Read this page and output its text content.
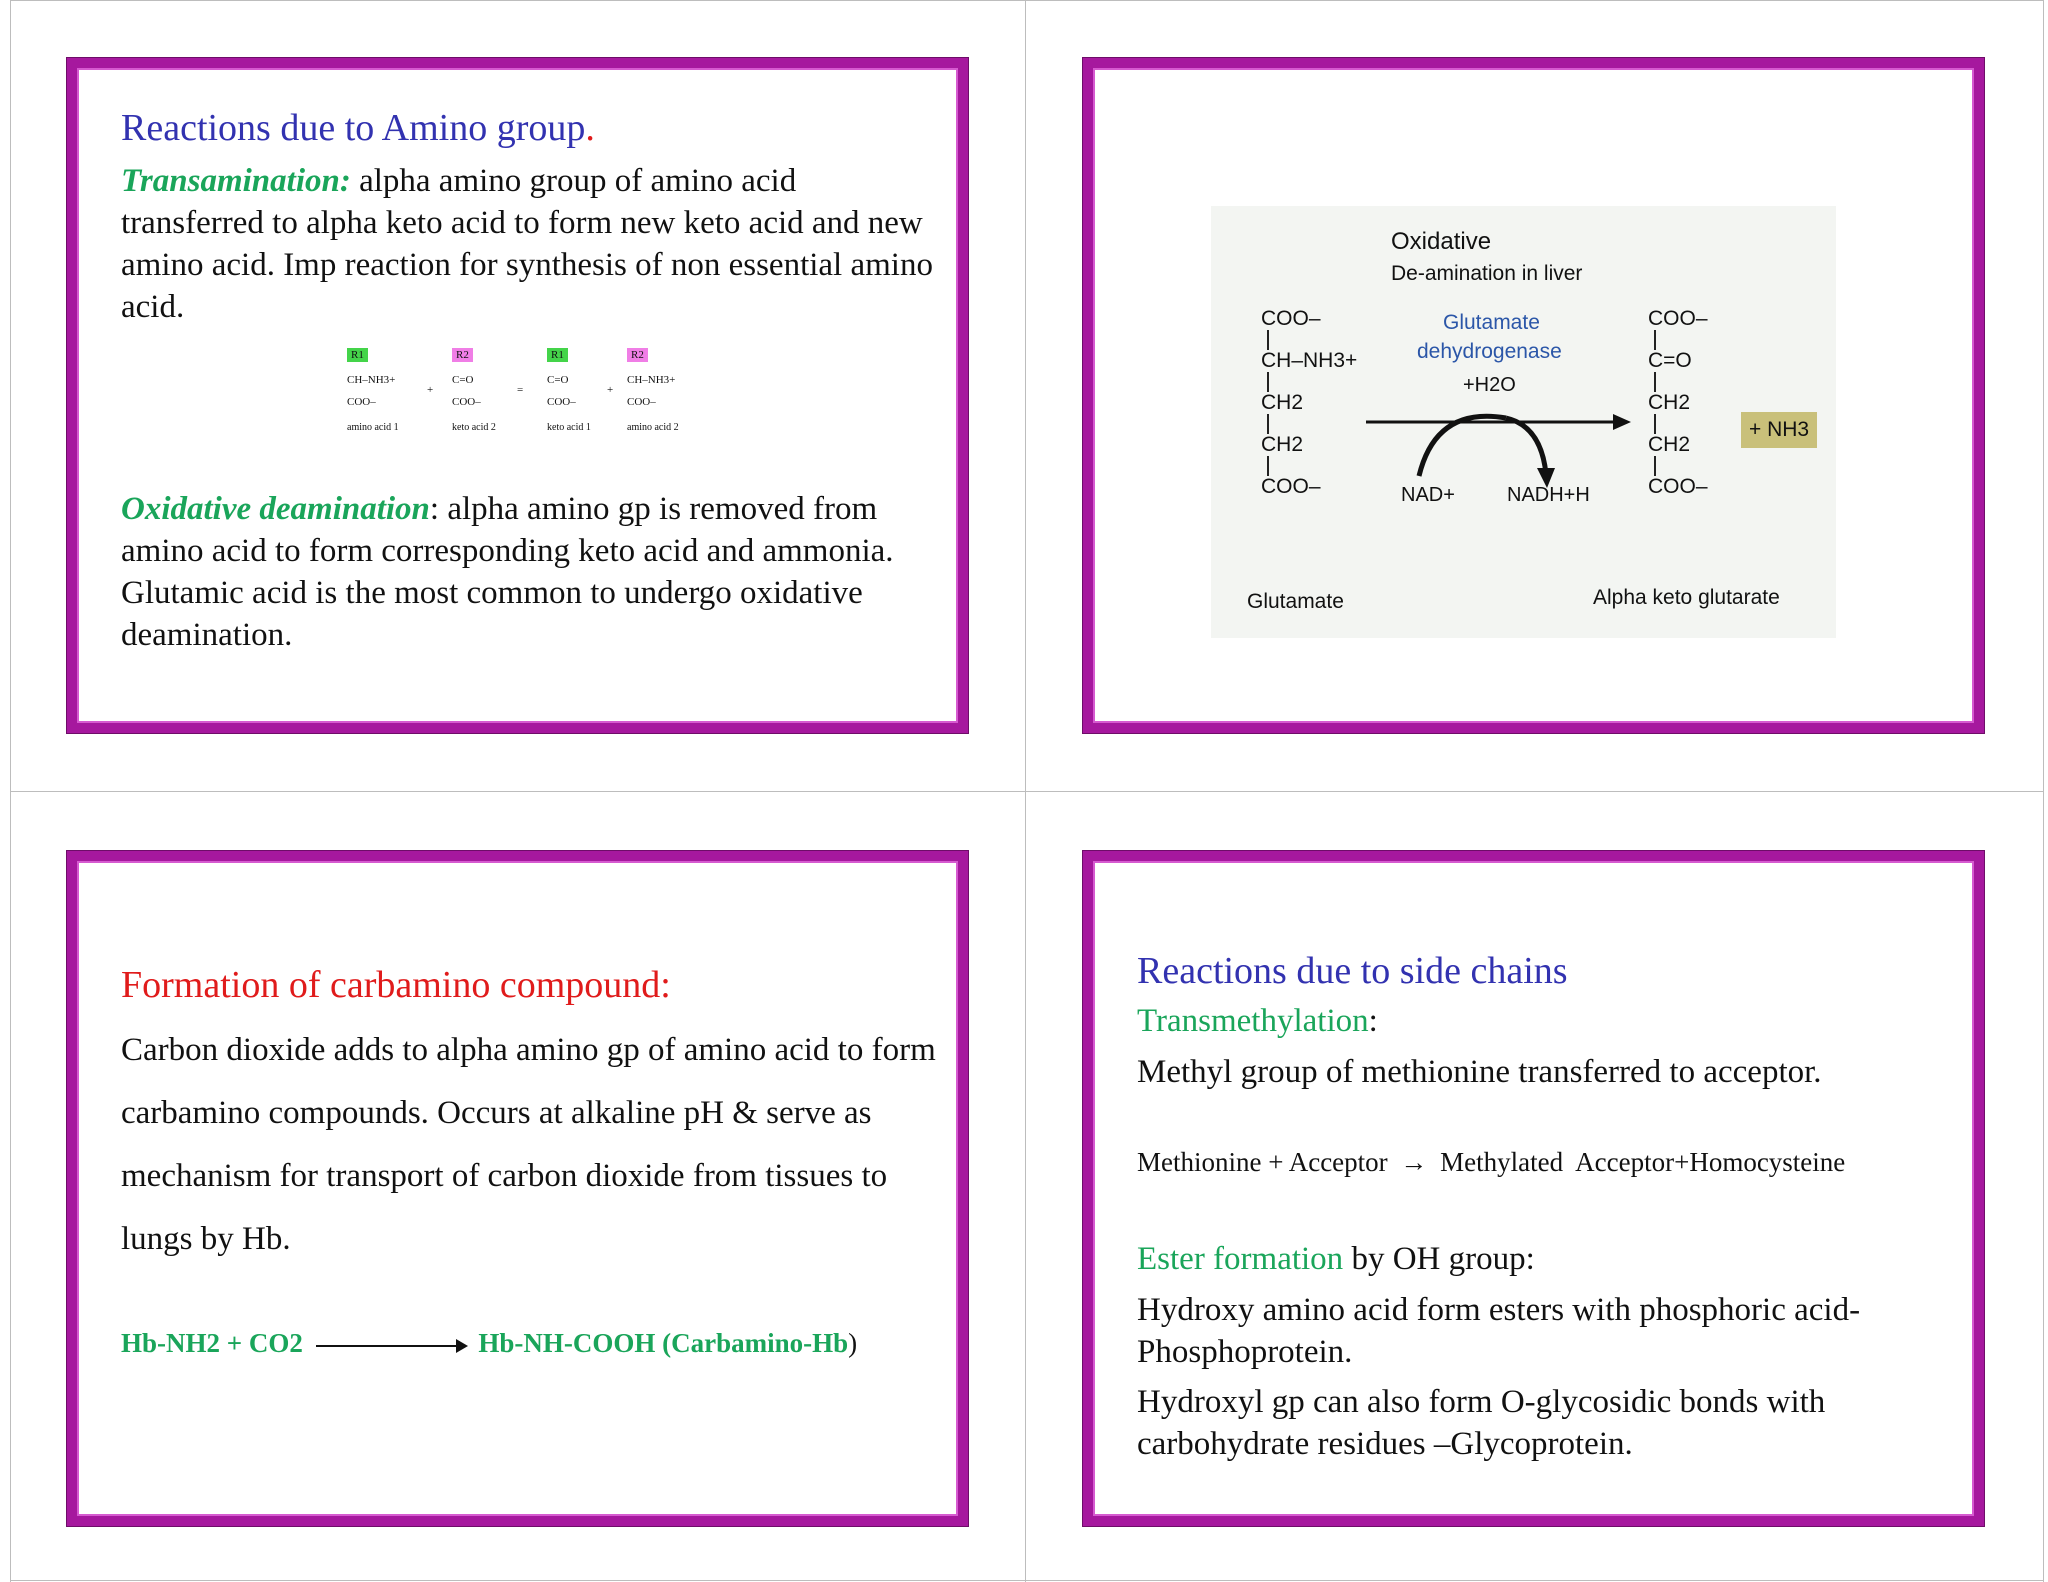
Reactions due to Amino group.

Transamination: alpha amino group of amino acid transferred to alpha keto acid to form new keto acid and new amino acid. Imp reaction for synthesis of non essential amino acid.

R1

CH–NH3+
COO–
amino acid 1
+
R2

C=O
COO–
keto acid 2
=
R1

C=O
COO–
keto acid 1
+
R2

CH–NH3+
COO–
amino acid 2

Oxidative deamination: alpha amino gp is removed from amino acid to form corresponding keto acid and ammonia. Glutamic acid is the most common to undergo oxidative deamination.

Oxidative
De-amination in liver
Glutamate
dehydrogenase
+H2O
COO–
CH–NH3+
CH2
CH2
COO–
COO–
C=O
CH2
CH2
COO–
NAD+	NADH+H
+ NH3
Glutamate	Alpha keto glutarate

Formation of carbamino compound:

Carbon dioxide adds to alpha amino gp of amino acid to form carbamino compounds. Occurs at alkaline pH & serve as mechanism for transport of carbon dioxide from tissues to lungs by Hb.

Hb-NH2 + CO2	Hb-NH-COOH (Carbamino-Hb)

Reactions due to side chains

Transmethylation:

Methyl group of methionine transferred to acceptor.

Methionine + Acceptor → Methylated  Acceptor+Homocysteine

Ester formation by OH group:

Hydroxy amino acid form esters with phosphoric acid-Phosphoprotein.

Hydroxyl gp can also form O-glycosidic bonds with carbohydrate residues –Glycoprotein.
